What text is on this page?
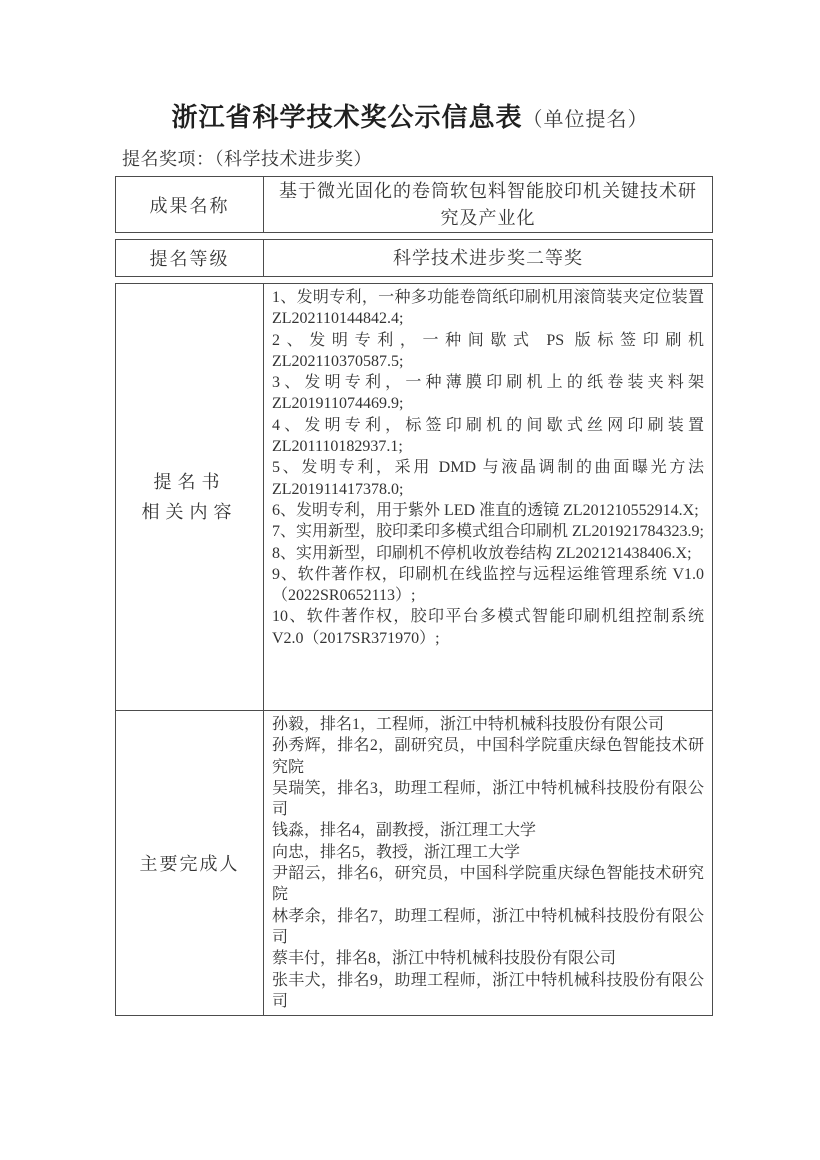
浙江省科学技术奖公示信息表（单位提名）
提名奖项：（科学技术进步奖）
成果名称
基于微光固化的卷筒软包料智能胶印机关键技术研究及产业化
提名等级	科学技术进步奖二等奖
提名书
相关内容
1、发明专利，一种多功能卷筒纸印刷机用滚筒装夹定位装置 ZL202110144842.4;
2、发明专利，一种间歇式 PS 版标签印刷机 ZL202110370587.5;
3、发明专利，一种薄膜印刷机上的纸卷装夹料架 ZL201911074469.9;
4、发明专利，标签印刷机的间歇式丝网印刷装置 ZL201110182937.1;
5、发明专利，采用 DMD 与液晶调制的曲面曝光方法 ZL201911417378.0;
6、发明专利，用于紫外 LED 准直的透镜 ZL201210552914.X;
7、实用新型，胶印柔印多模式组合印刷机 ZL201921784323.9;
8、实用新型，印刷机不停机收放卷结构 ZL202121438406.X;
9、软件著作权，印刷机在线监控与远程运维管理系统 V1.0（2022SR0652113）;
10、软件著作权，胶印平台多模式智能印刷机组控制系统 V2.0（2017SR371970）;
主要完成人
孙毅，排名1，工程师，浙江中特机械科技股份有限公司
孙秀辉，排名2，副研究员，中国科学院重庆绿色智能技术研究院
吴瑞笑，排名3，助理工程师，浙江中特机械科技股份有限公司
钱淼，排名4，副教授，浙江理工大学
向忠，排名5，教授，浙江理工大学
尹韶云，排名6，研究员，中国科学院重庆绿色智能技术研究院
林孝余，排名7，助理工程师，浙江中特机械科技股份有限公司
蔡丰付，排名8，浙江中特机械科技股份有限公司
张丰犬，排名9，助理工程师，浙江中特机械科技股份有限公司
